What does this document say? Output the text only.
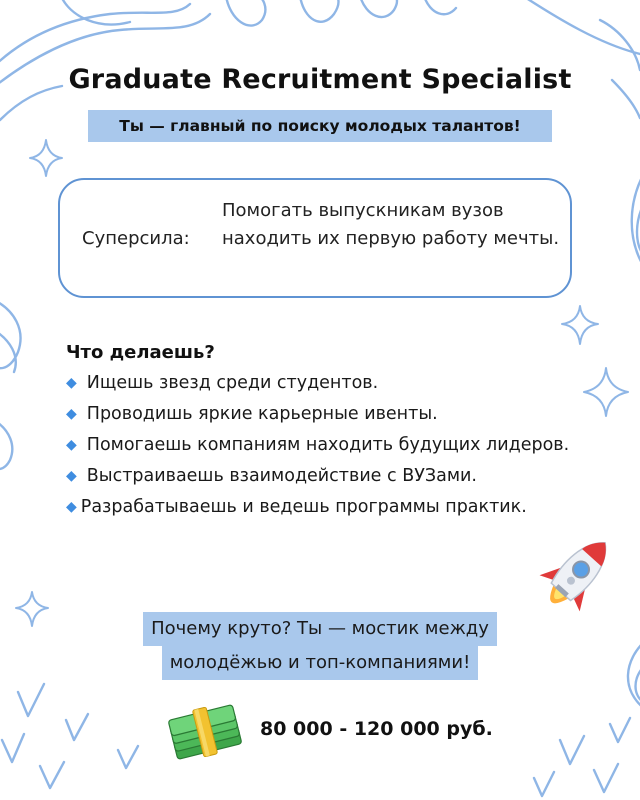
Graduate Recruitment Specialist
Ты — главный по поиску молодых талантов!
Суперсила:
Помогать выпускникам вузов находить их первую работу мечты.
Что делаешь?
◆ Ищешь звезд среди студентов.
◆ Проводишь яркие карьерные ивенты.
◆ Помогаешь компаниям находить будущих лидеров.
◆ Выстраиваешь взаимодействие с ВУЗами.
◆ Разрабатываешь и ведешь программы практик.
Почему круто? Ты — мостик между
молодёжью и топ-компаниями!
80 000 - 120 000 руб.
